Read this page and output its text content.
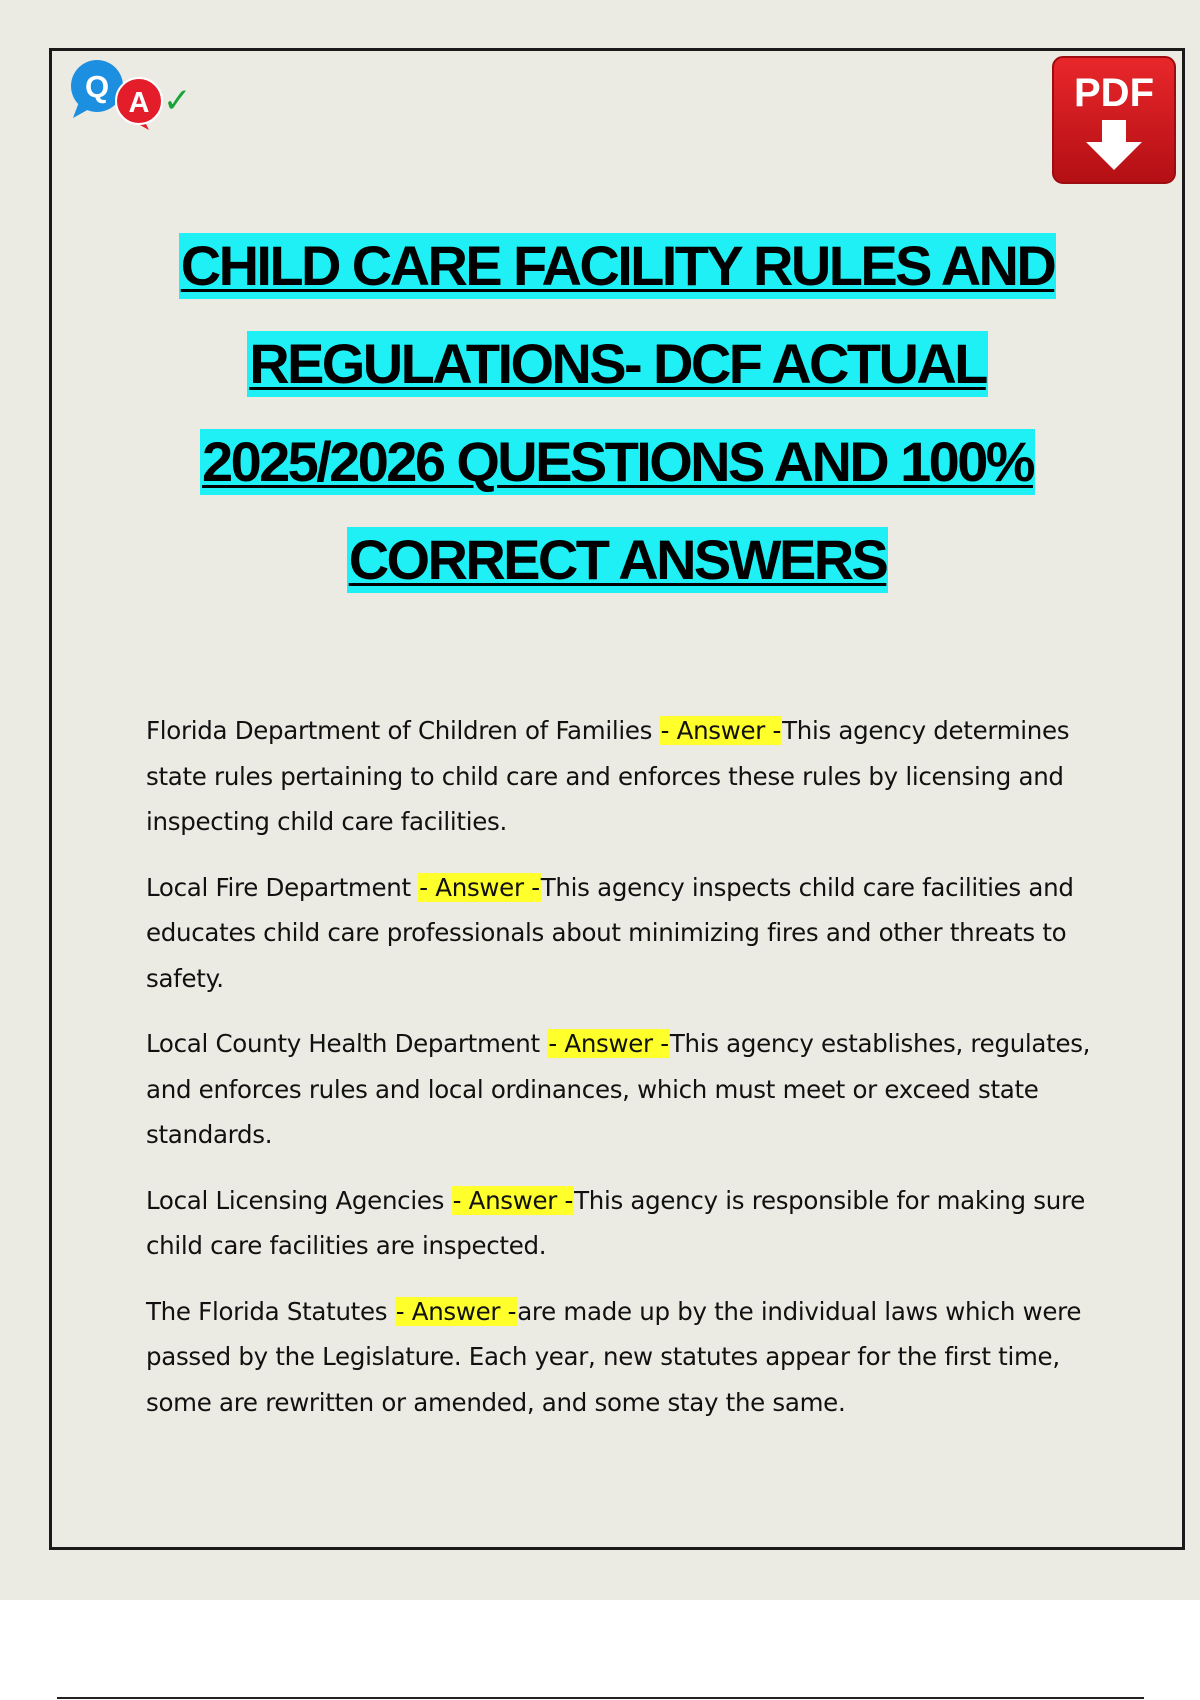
Q A ✓	PDF

CHILD CARE FACILITY RULES AND

REGULATIONS- DCF ACTUAL

2025/2026 QUESTIONS AND 100%

CORRECT ANSWERS

Florida Department of Children of Families - Answer -This agency determines state rules pertaining to child care and enforces these rules by licensing and inspecting child care facilities.

Local Fire Department - Answer -This agency inspects child care facilities and educates child care professionals about minimizing fires and other threats to safety.

Local County Health Department - Answer -This agency establishes, regulates, and enforces rules and local ordinances, which must meet or exceed state standards.

Local Licensing Agencies - Answer -This agency is responsible for making sure child care facilities are inspected.

The Florida Statutes - Answer -are made up by the individual laws which were passed by the Legislature. Each year, new statutes appear for the first time, some are rewritten or amended, and some stay the same.
